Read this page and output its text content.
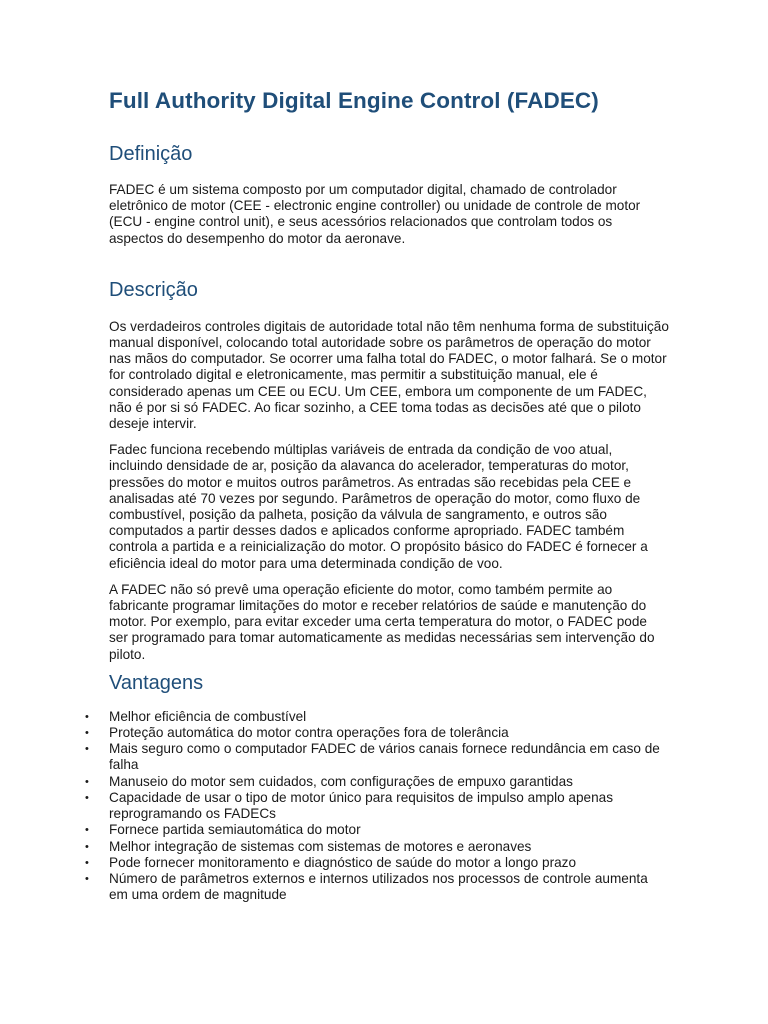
Full Authority Digital Engine Control (FADEC)
Definição

FADEC é um sistema composto por um computador digital, chamado de controlador eletrônico de motor (CEE - electronic engine controller) ou unidade de controle de motor (ECU - engine control unit), e seus acessórios relacionados que controlam todos os aspectos do desempenho do motor da aeronave.

Descrição

Os verdadeiros controles digitais de autoridade total não têm nenhuma forma de substituição manual disponível, colocando total autoridade sobre os parâmetros de operação do motor nas mãos do computador. Se ocorrer uma falha total do FADEC, o motor falhará. Se o motor for controlado digital e eletronicamente, mas permitir a substituição manual, ele é considerado apenas um CEE ou ECU. Um CEE, embora um componente de um FADEC, não é por si só FADEC. Ao ficar sozinho, a CEE toma todas as decisões até que o piloto deseje intervir.

Fadec funciona recebendo múltiplas variáveis de entrada da condição de voo atual, incluindo densidade de ar, posição da alavanca do acelerador, temperaturas do motor, pressões do motor e muitos outros parâmetros. As entradas são recebidas pela CEE e analisadas até 70 vezes por segundo. Parâmetros de operação do motor, como fluxo de combustível, posição da palheta, posição da válvula de sangramento, e outros são computados a partir desses dados e aplicados conforme apropriado. FADEC também controla a partida e a reinicialização do motor. O propósito básico do FADEC é fornecer a eficiência ideal do motor para uma determinada condição de voo.

A FADEC não só prevê uma operação eficiente do motor, como também permite ao fabricante programar limitações do motor e receber relatórios de saúde e manutenção do motor. Por exemplo, para evitar exceder uma certa temperatura do motor, o FADEC pode ser programado para tomar automaticamente as medidas necessárias sem intervenção do piloto.

Vantagens
• Melhor eficiência de combustível
• Proteção automática do motor contra operações fora de tolerância
• Mais seguro como o computador FADEC de vários canais fornece redundância em caso de falha
• Manuseio do motor sem cuidados, com configurações de empuxo garantidas
• Capacidade de usar o tipo de motor único para requisitos de impulso amplo apenas reprogramando os FADECs
• Fornece partida semiautomática do motor
• Melhor integração de sistemas com sistemas de motores e aeronaves
• Pode fornecer monitoramento e diagnóstico de saúde do motor a longo prazo
• Número de parâmetros externos e internos utilizados nos processos de controle aumenta em uma ordem de magnitude
